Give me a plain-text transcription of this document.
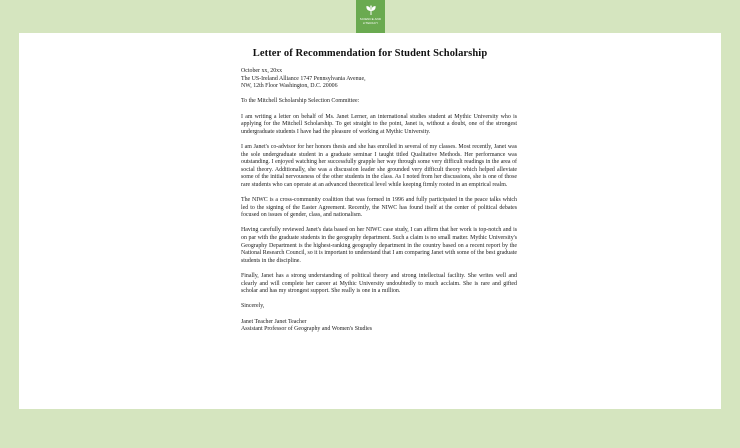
SCIENCE AND LITERACY
Letter of Recommendation for Student Scholarship

October xx, 20xx

The US-Ireland Alliance 1747 Pennsylvania Avenue,

NW, 12th Floor Washington, D.C. 20006

To the Mitchell Scholarship Selection Committee:

I am writing a letter on behalf of Ms. Janet Lerner, an international studies student at Mythic University who is applying for the Mitchell Scholarship. To get straight to the point, Janet is, without a doubt, one of the strongest undergraduate students I have had the pleasure of working at Mythic University.

I am Janet's co-advisor for her honors thesis and she has enrolled in several of my classes. Most recently, Janet was the sole undergraduate student in a graduate seminar I taught titled Qualitative Methods. Her performance was outstanding. I enjoyed watching her successfully grapple her way through some very difficult readings in the area of social theory. Additionally, she was a discussion leader she grounded very difficult theory which helped alleviate some of the initial nervousness of the other students in the class. As I noted from her discussions, she is one of those rare students who can operate at an advanced theoretical level while keeping firmly rooted in an empirical realm.

The NIWC is a cross-community coalition that was formed in 1996 and fully participated in the peace talks which led to the signing of the Easter Agreement. Recently, the NIWC has found itself at the center of political debates focused on issues of gender, class, and nationalism.

Having carefully reviewed Janet's data based on her NIWC case study, I can affirm that her work is top-notch and is on par with the graduate students in the geography department. Such a claim is no small matter. Mythic University's Geography Department is the highest-ranking geography department in the country based on a recent report by the National Research Council, so it is important to understand that I am comparing Janet with some of the best graduate students in the discipline.

Finally, Janet has a strong understanding of political theory and strong intellectual facility. She writes well and clearly and will complete her career at Mythic University undoubtedly to much acclaim. She is rare and gifted scholar and has my strongest support. She really is one in a million.

Sincerely,

Janet Teacher Janet Teacher

Assistant Professor of Geography and Women's Studies
